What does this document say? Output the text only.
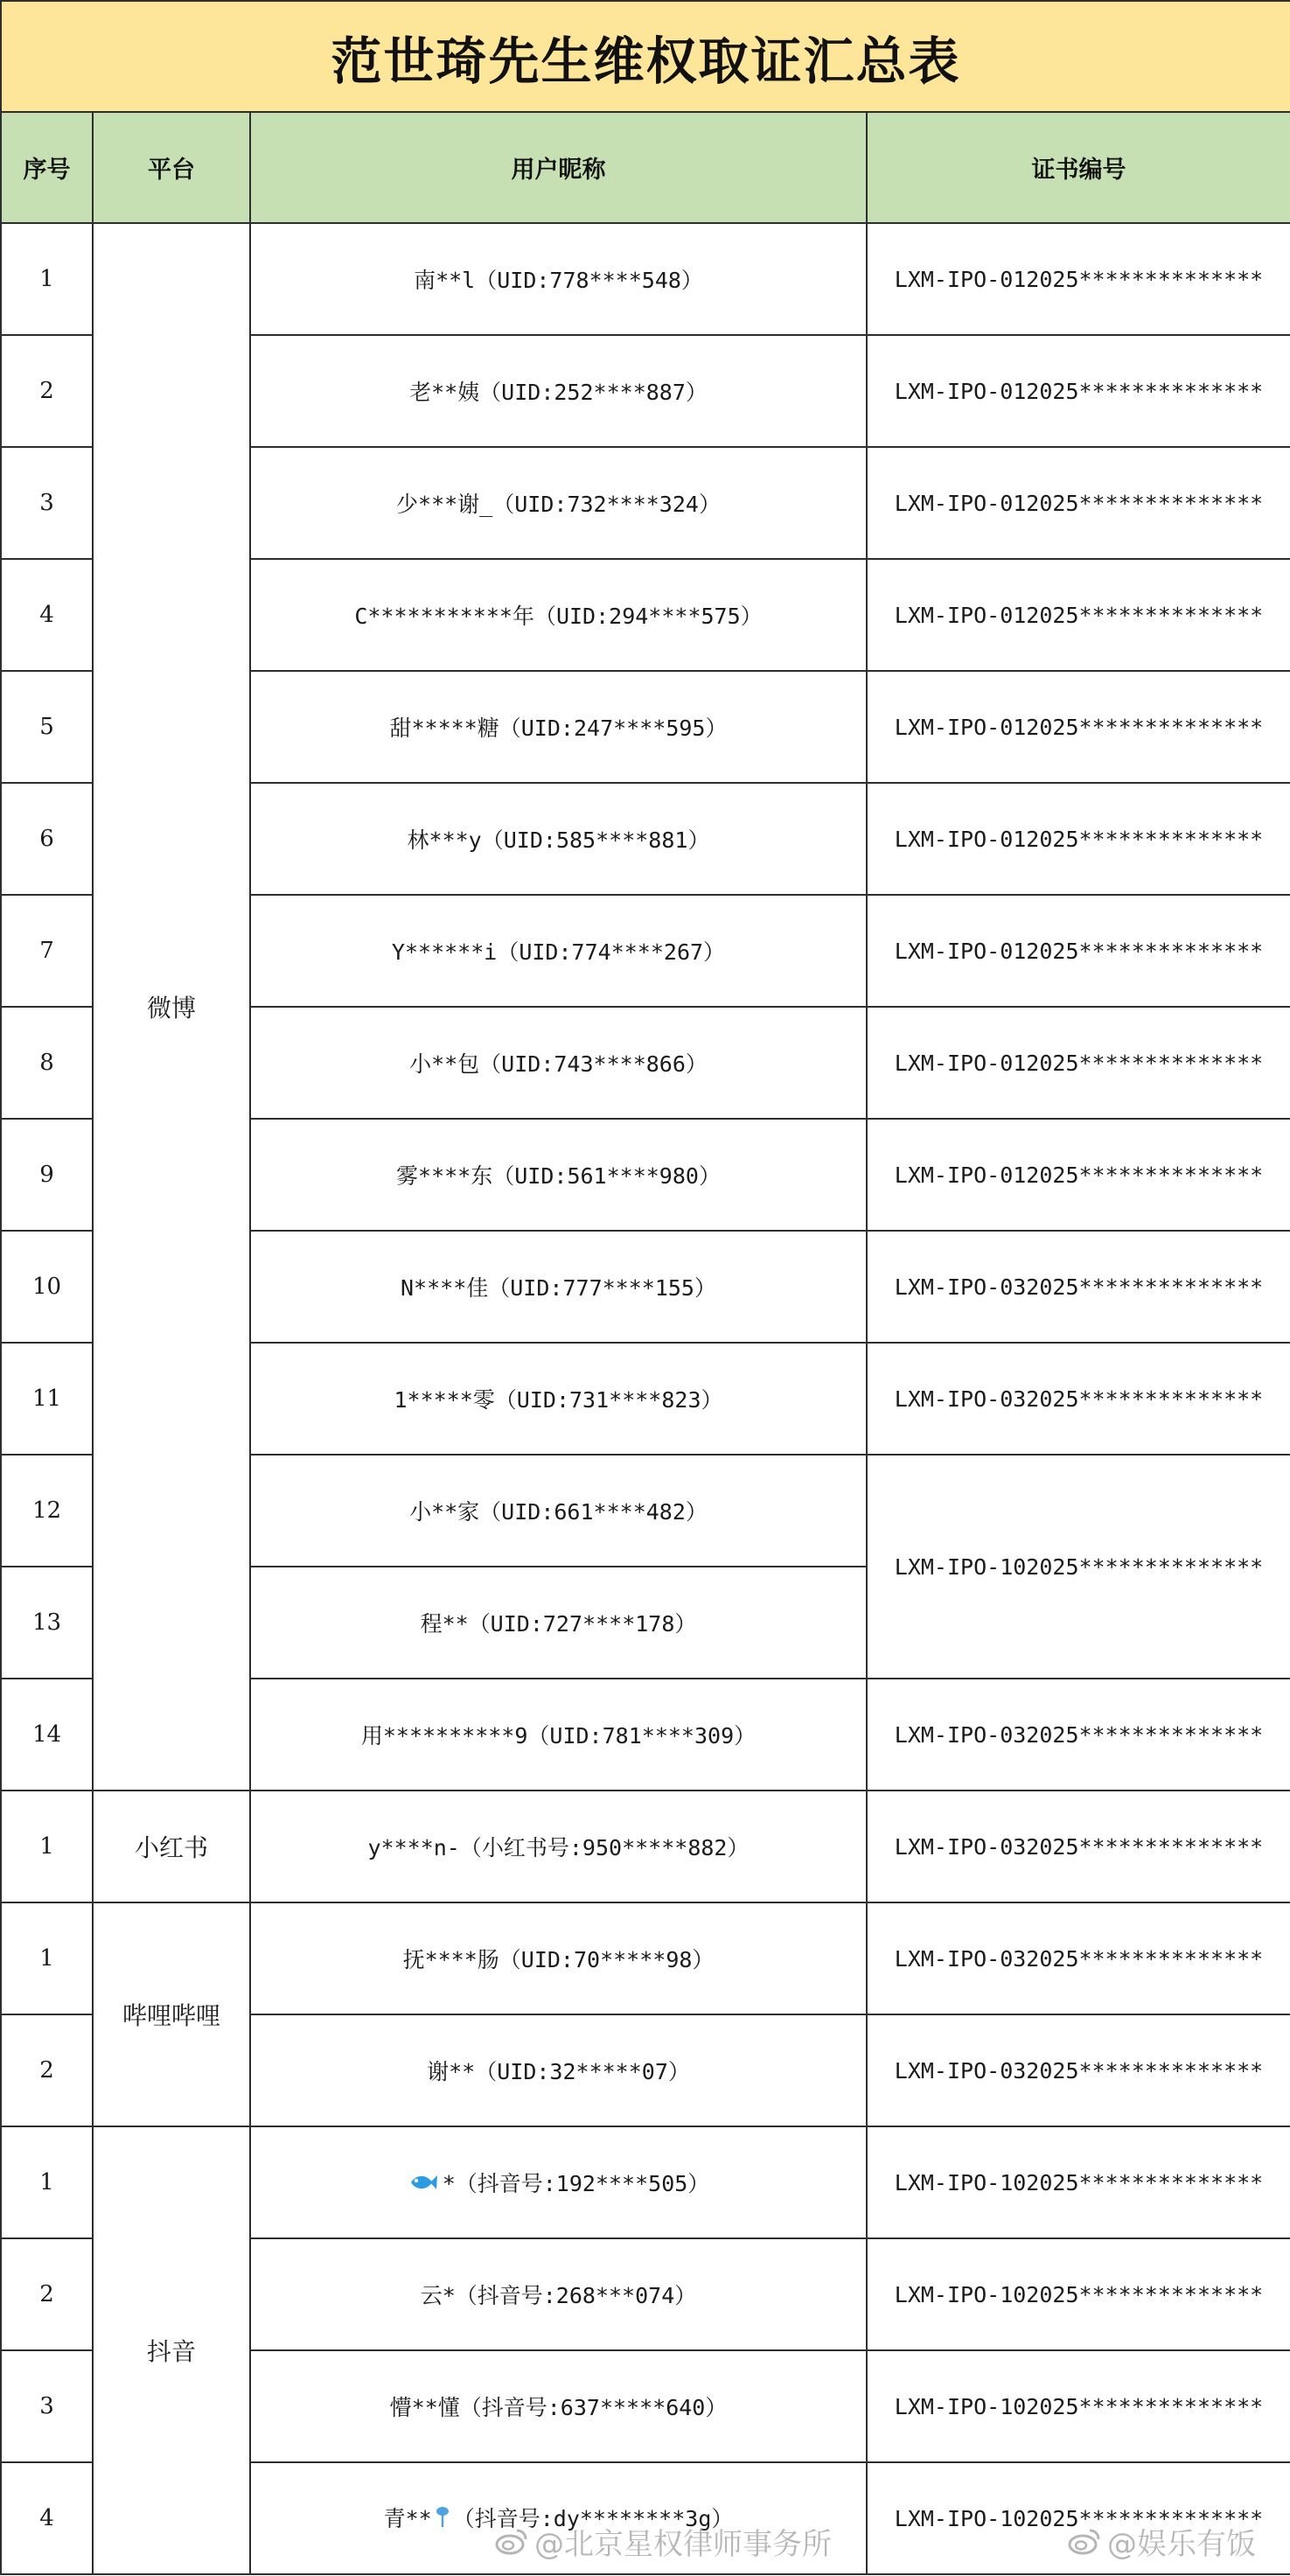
范世琦先生维权取证汇总表			
序号	平台	用户昵称	证书编号
1	微博	南**l（UID:778****548）	LXM-IPO-012025**************
2		老**姨（UID:252****887）	LXM-IPO-012025**************
3		少***谢_（UID:732****324）	LXM-IPO-012025**************
4		C***********年（UID:294****575）	LXM-IPO-012025**************
5		甜*****糖（UID:247****595）	LXM-IPO-012025**************
6		林***y（UID:585****881）	LXM-IPO-012025**************
7		Y******i（UID:774****267）	LXM-IPO-012025**************
8		小**包（UID:743****866）	LXM-IPO-012025**************
9		雾****东（UID:561****980）	LXM-IPO-012025**************
10		N****佳（UID:777****155）	LXM-IPO-032025**************
11		1*****零（UID:731****823）	LXM-IPO-032025**************
12		小**家（UID:661****482）	LXM-IPO-102025**************
13		程**（UID:727****178）	
14		用**********9（UID:781****309）	LXM-IPO-032025**************
1	小红书	y****n-（小红书号:950*****882）	LXM-IPO-032025**************
1	哔哩哔哩	抚****肠（UID:70*****98）	LXM-IPO-032025**************
2		谢**（UID:32*****07）	LXM-IPO-032025**************
1	抖音	*（抖音号:192****505）	LXM-IPO-102025**************
2		云*（抖音号:268***074）	LXM-IPO-102025**************
3		懵**懂（抖音号:637*****640）	LXM-IPO-102025**************
4		青** （抖音号:dy********3g）	LXM-IPO-102025**************
@北京星权律师事务所	@娱乐有饭
